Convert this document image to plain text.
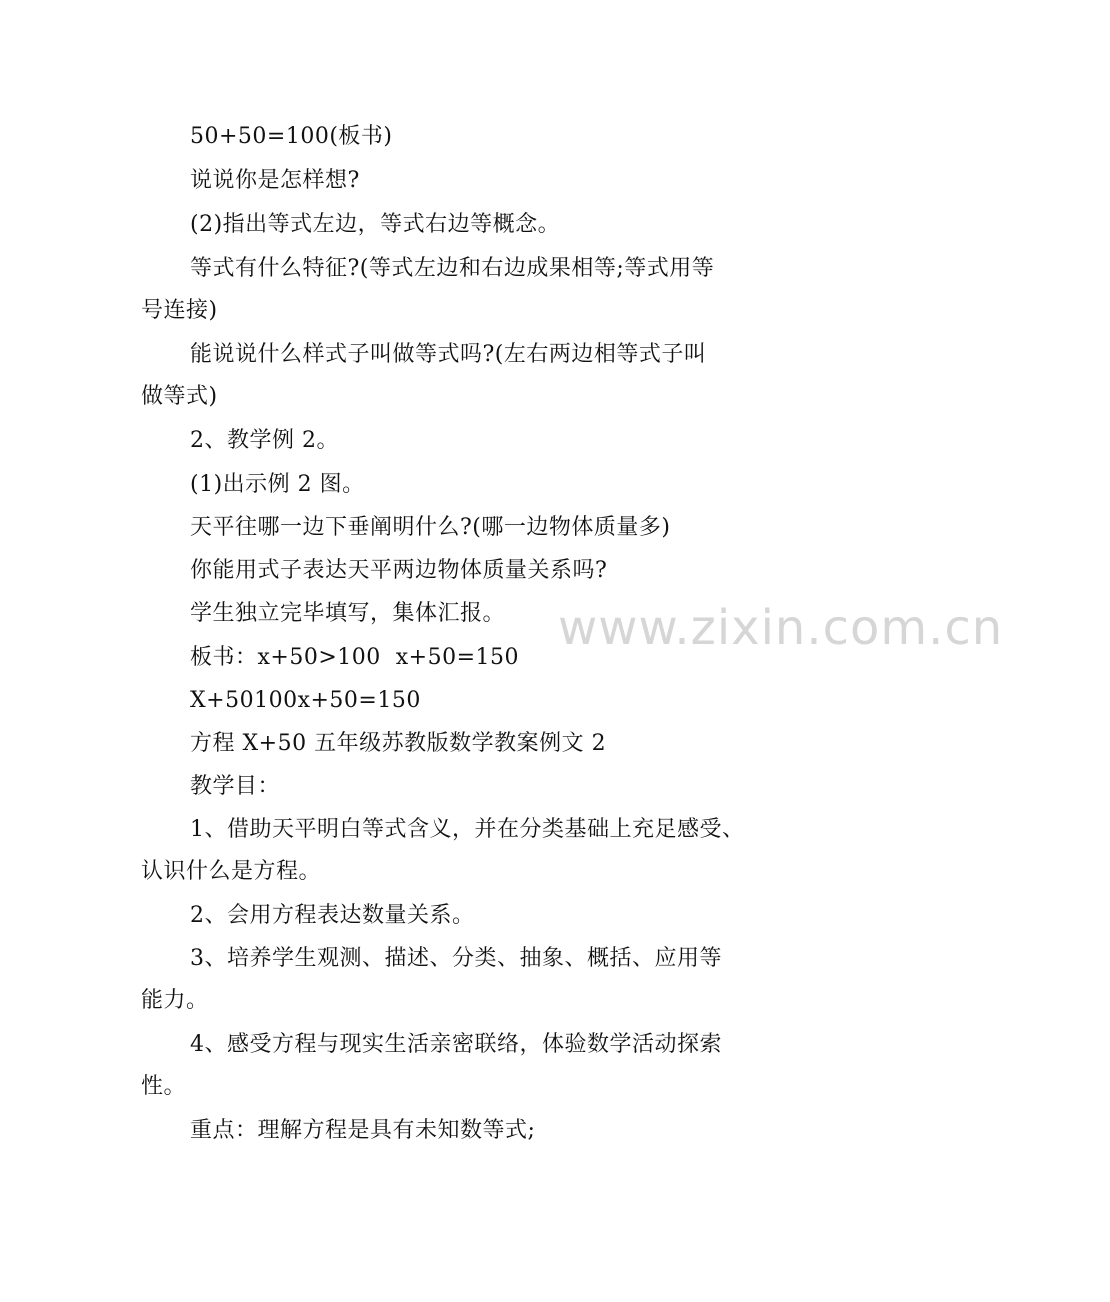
50+50=100(板书)
说说你是怎样想?
(2)指出等式左边，等式右边等概念。
等式有什么特征?(等式左边和右边成果相等;等式用等
号连接)
能说说什么样式子叫做等式吗?(左右两边相等式子叫
做等式)
2、教学例 2。
(1)出示例 2 图。
天平往哪一边下垂阐明什么?(哪一边物体质量多)
你能用式子表达天平两边物体质量关系吗?
学生独立完毕填写，集体汇报。
板书：x+50>100  x+50=150
X+50100x+50=150
方程 X+50 五年级苏教版数学教案例文 2
教学目：
1、借助天平明白等式含义，并在分类基础上充足感受、
认识什么是方程。
2、会用方程表达数量关系。
3、培养学生观测、描述、分类、抽象、概括、应用等
能力。
4、感受方程与现实生活亲密联络，体验数学活动探索
性。
重点：理解方程是具有未知数等式;
www.zixin.com.cn
